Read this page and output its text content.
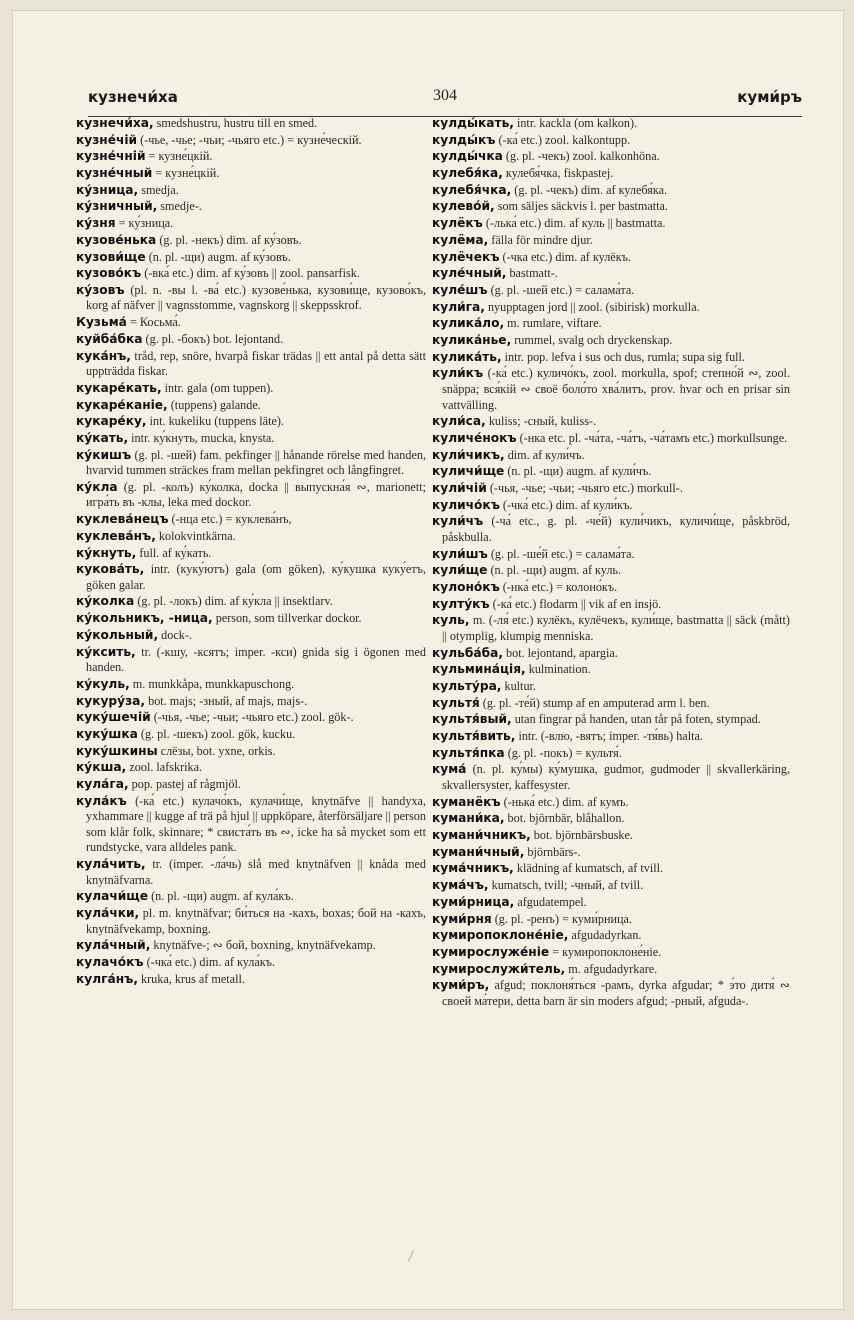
кузнечи́ха	304	куми́ръ
кузнечи́ха, smedshustru, hustru till en smed.
кузне́чій (-чье, -чье; -чьи; -чьяго etc.) = кузне́ческій.
кузне́чній = кузне́цкій.
кузне́чный = кузне́цкій.
ку́зница, smedja.
ку́зничный, smedje-.
ку́зня = ку́зница.
кузове́нька (g. pl. -некъ) dim. af ку́зовъ.
кузови́ще (n. pl. -щи) augm. af ку́зовъ.
кузово́къ (-вка́ etc.) dim. af ку́зовъ || zool. pansarfisk.
ку́зовъ (pl. n. -вы l. -ва́ etc.) кузове́нька, кузови́ще, кузово́къ, korg af näfver || vagnsstomme, vagnskorg || skeppsskrof.
Кузьма́ = Косьма́.
куйба́бка (g. pl. -бокъ) bot. lejontand.
кука́нъ, tråd, rep, snöre, hvarpå fiskar trädas || ett antal på detta sätt uppträdda fiskar.
кукаре́кать, intr. gala (om tuppen).
кукаре́каніе, (tuppens) galande.
кукаре́ку, int. kukeliku (tuppens läte).
ку́кать, intr. ку́кнуть, mucka, knysta.
ку́кишъ (g. pl. -шей) fam. pekfinger || hånande rörelse med handen, hvarvid tummen sträckes fram mellan pekfingret och långfingret.
ку́кла (g. pl. -колъ) ку́колка, docka || выпускна́я ∾, marionett; игра́ть въ -клы, leka med dockor.
куклева́нецъ (-нца etc.) = куклева́нъ,
куклева́нъ, kolokvintkärna.
ку́кнуть, full. af ку́кать.
кукова́ть, intr. (куку́ютъ) gala (om göken), ку́кушка куку́етъ, göken galar.
ку́колка (g. pl. -локъ) dim. af ку́кла || insektlarv.
ку́кольникъ, -ница, person, som tillverkar dockor.
ку́кольный, dock-.
ку́ксить, tr. (-кшу, -ксятъ; imper. -кси) gnida sig i ögonen med handen.
ку́куль, m. munkkåpa, munkkapuschong.
кукуру́за, bot. majs; -зный, af majs, majs-.
куку́шечій (-чья, -чье; -чьи; -чьяго etc.) zool. gök-.
куку́шка (g. pl. -шекъ) zool. gök, kucku.
куку́шкины слёзы, bot. yxne, orkis.
ку́кша, zool. lafskrika.
кула́га, pop. pastej af rågmjöl.
кула́къ (-ка́ etc.) кулачо́къ, кулачи́ще, knytnäfve || handyxa, yxhammare || kugge af trä på hjul || uppköpare, återförsäljare || person som klår folk, skinnare; * свиста́ть въ ∾, icke ha så mycket som ett rundstycke, vara alldeles pank.
кула́чить, tr. (imper. -ла́чь) slå med knytnäfven || knåda med knytnäfvarna.
кулачи́ще (n. pl. -щи) augm. af кула́къ.
кула́чки, pl. m. knytnäfvar; би́ться на -кахъ, boxas; бой на -кахъ, knytnäfvekamp, boxning.
кула́чный, knytnäfve-; ∾ бой, boxning, knytnäfvekamp.
кулачо́къ (-чка́ etc.) dim. af кула́къ.
кулга́нъ, kruka, krus af metall.
кулды́кать, intr. kackla (om kalkon).
кулды́къ (-ка́ etc.) zool. kalkontupp.
кулды́чка (g. pl. -чекъ) zool. kalkonhöna.
кулебя́ка, кулебя́чка, fiskpastej.
кулебя́чка, (g. pl. -чекъ) dim. af кулебя́ка.
кулево́й, som säljes säckvis l. per bastmatta.
кулёкъ (-лька́ etc.) dim. af куль || bastmatta.
кулёма, fälla för mindre djur.
кулёчекъ (-чка etc.) dim. af кулёкъ.
куле́чный, bastmatt-.
куле́шъ (g. pl. -шей etc.) = салама́та.
кули́га, nyupptagen jord || zool. (sibirisk) morkulla.
кулика́ло, m. rumlare, viftare.
кулика́нье, rummel, svalg och dryckenskap.
кулика́ть, intr. pop. lefva i sus och dus, rumla; supa sig full.
кули́къ (-ка́ etc.) куличо́къ, zool. morkulla, spof; степно́й ∾, zool. snäppa; вся́кій ∾ своё боло́то хва́литъ, prov. hvar och en prisar sin vattvälling.
кули́са, kuliss; -сный, kuliss-.
куличе́нокъ (-нка etc. pl. -ча́та, -ча́тъ, -ча́тамъ etc.) morkullsunge.
кули́чикъ, dim. af кули́чъ.
куличи́ще (n. pl. -щи) augm. af кули́чъ.
кули́чій (-чья, -чье; -чьи; -чьяго etc.) morkull-.
куличо́къ (-чка́ etc.) dim. af кули́къ.
кули́чъ (-ча́ etc., g. pl. -че́й) кули́чикъ, куличи́ще, påskbröd, påskbulla.
кули́шъ (g. pl. -ше́й etc.) = салама́та.
кули́ще (n. pl. -щи) augm. af куль.
кулоно́къ (-нка́ etc.) = колоно́къ.
култу́къ (-ка́ etc.) flodarm || vik af en insjö.
куль, m. (-ля́ etc.) кулёкъ, кулёчекъ, кули́ще, bastmatta || säck (mått) || otymplig, klumpig menniska.
кульба́ба, bot. lejontand, apargia.
кульмина́ція, kulmination.
культу́ра, kultur.
культя́ (g. pl. -те́й) stump af en amputerad arm l. ben.
культя́вый, utan fingrar på handen, utan tår på foten, stympad.
культя́вить, intr. (-влю, -вятъ; imper. -тя́вь) halta.
культя́пка (g. pl. -покъ) = культя́.
кума́ (n. pl. ку́мы) ку́мушка, gudmor, gudmoder || skvallerkäring, skvallersyster, kaffesyster.
куманёкъ (-нька́ etc.) dim. af кумъ.
кумани́ка, bot. björnbär, blåhallon.
кумани́чникъ, bot. björnbärsbuske.
кумани́чный, björnbärs-.
кума́чникъ, klädning af kumatsch, af tvill.
кума́чъ, kumatsch, tvill; -чный, af tvill.
куми́рница, afgudatempel.
куми́рня (g. pl. -ренъ) = куми́рница.
кумиропоклоне́ніе, afgudadyrkan.
кумирослуже́ніе = кумиропоклоне́ніе.
кумирослужи́тель, m. afgudadyrkare.
куми́ръ, afgud; поклоня́ться -рамъ, dyrka afgudar; * э́то дитя́ ∾ своей ма́тери, detta barn är sin moders afgud; -рный, afguda-.
